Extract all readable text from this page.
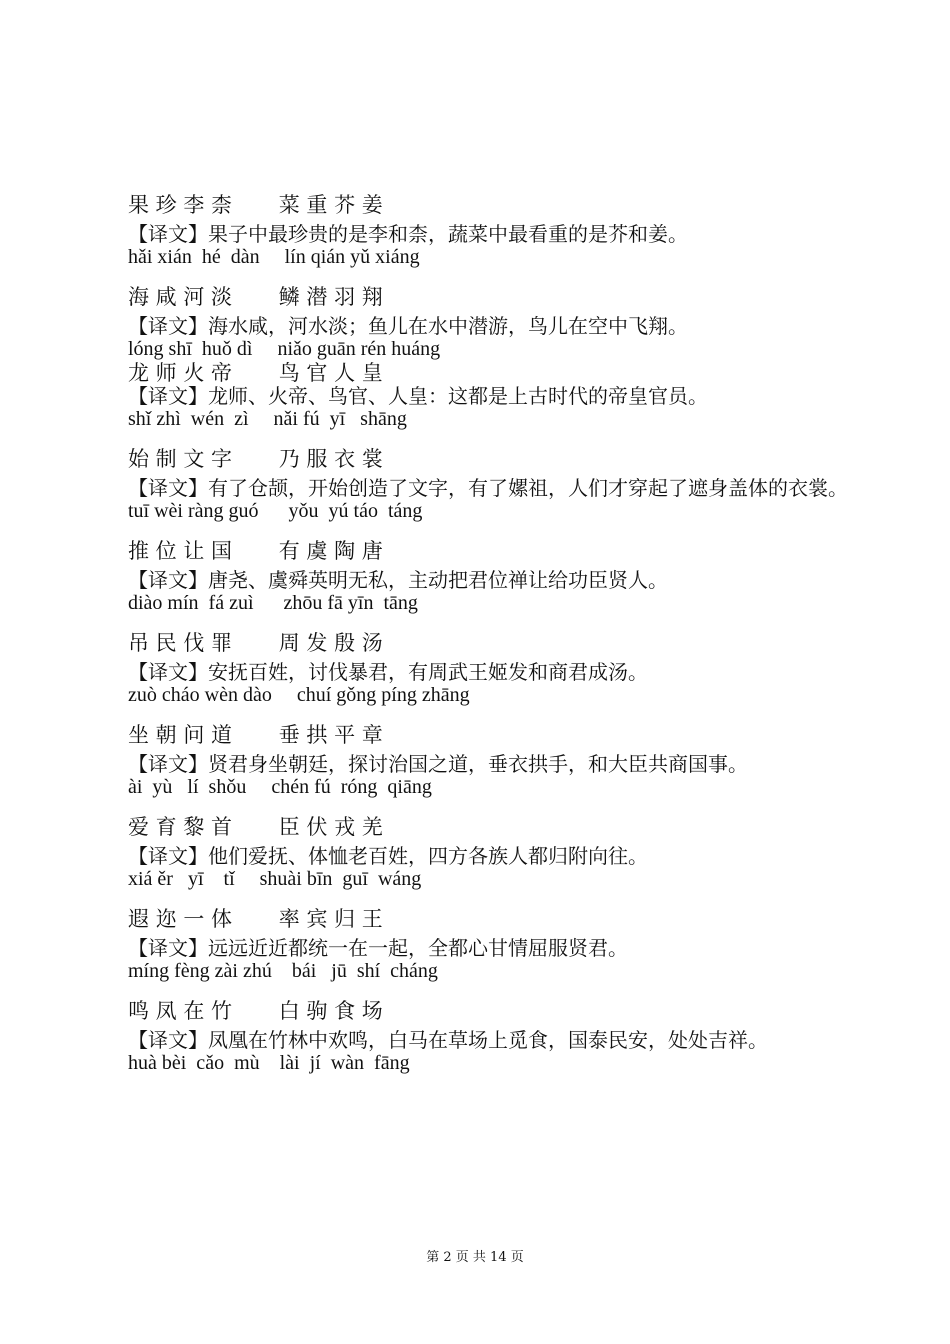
果 珍 李 柰       菜 重 芥 姜
【译文】果子中最珍贵的是李和柰，蔬菜中最看重的是芥和姜。
hǎi xián  hé  dàn     lín qián yǔ xiáng
海 咸 河 淡       鳞 潜 羽 翔
【译文】海水咸，河水淡；鱼儿在水中潜游，鸟儿在空中飞翔。
lóng shī  huǒ dì     niǎo guān rén huáng
龙 师 火 帝       鸟 官 人 皇
【译文】龙师、火帝、鸟官、人皇：这都是上古时代的帝皇官员。
shǐ zhì  wén  zì     nǎi fú  yī   shāng
始 制 文 字       乃 服 衣 裳
【译文】有了仓颉，开始创造了文字，有了嫘祖，人们才穿起了遮身盖体的衣裳。
tuī wèi ràng guó      yǒu  yú táo  táng
推 位 让 国       有 虞 陶 唐
【译文】唐尧、虞舜英明无私，主动把君位禅让给功臣贤人。
diào mín  fá zuì      zhōu fā yīn  tāng
吊 民 伐 罪       周 发 殷 汤
【译文】安抚百姓，讨伐暴君，有周武王姬发和商君成汤。
zuò cháo wèn dào     chuí gǒng píng zhāng
坐 朝 问 道       垂 拱 平 章
【译文】贤君身坐朝廷，探讨治国之道，垂衣拱手，和大臣共商国事。
ài  yù   lí  shǒu     chén fú  róng  qiāng
爱 育 黎 首       臣 伏 戎 羌
【译文】他们爱抚、体恤老百姓，四方各族人都归附向往。
xiá ěr   yī    tǐ     shuài bīn  guī  wáng
遐 迩 一 体       率 宾 归 王
【译文】远远近近都统一在一起，全都心甘情屈服贤君。
míng fèng zài zhú    bái   jū  shí  cháng
鸣 凤 在 竹       白 驹 食 场
【译文】凤凰在竹林中欢鸣，白马在草场上觅食，国泰民安，处处吉祥。
huà bèi  cǎo  mù    lài  jí  wàn  fāng
第 2 页 共 14 页
